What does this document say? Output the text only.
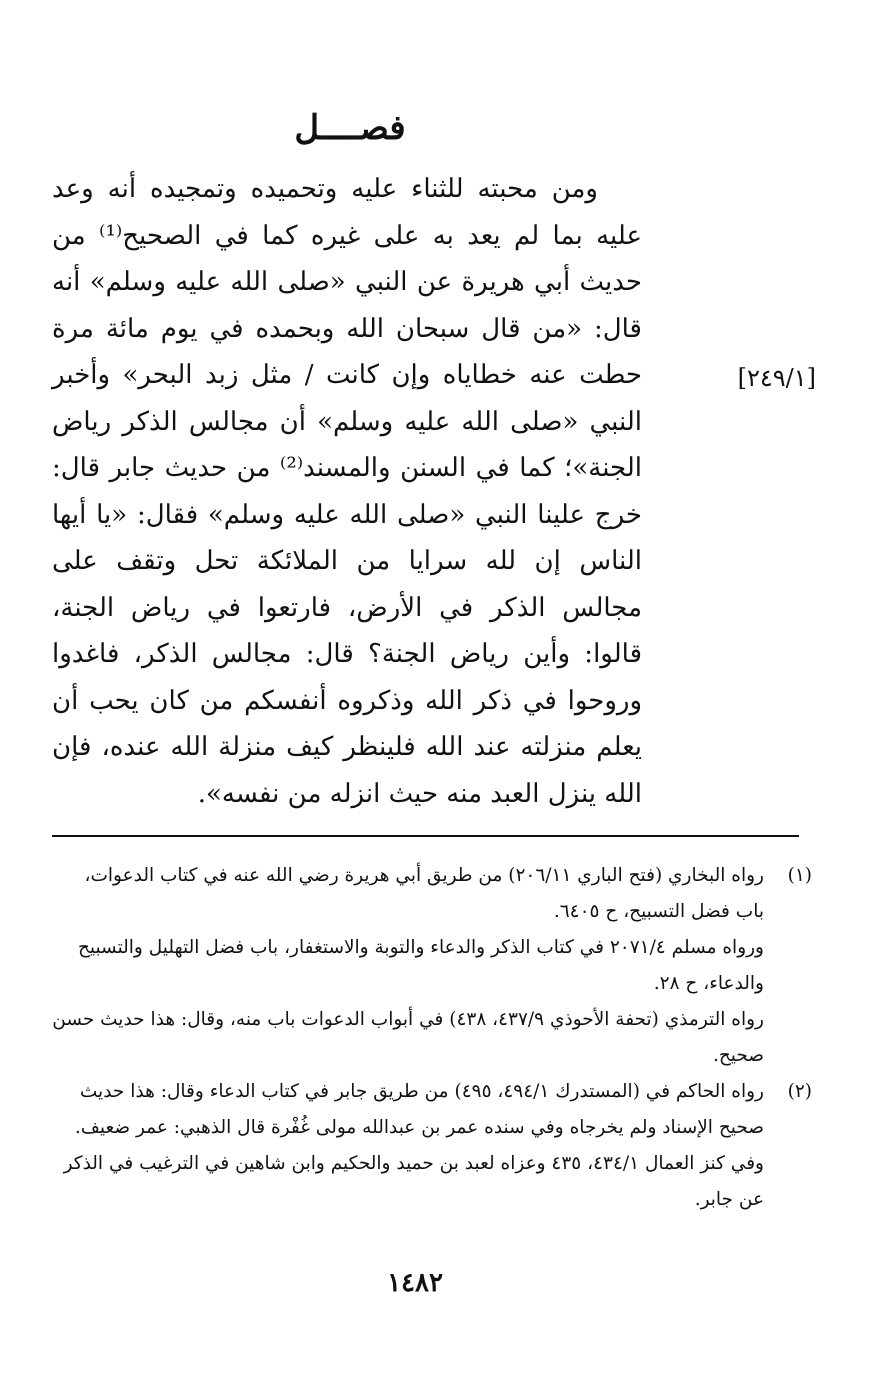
فصــــل

ومن محبته للثناء عليه وتحميده وتمجيده أنه وعد عليه بما لم يعد به على غيره كما في الصحيح⁽¹⁾ من حديث أبي هريرة عن النبي «صلى الله عليه وسلم» أنه قال: «من قال سبحان الله وبحمده في يوم مائة مرة حطت عنه خطاياه وإن كانت / مثل زبد البحر» وأخبر النبي «صلى الله عليه وسلم» أن مجالس الذكر رياض الجنة»؛ كما في السنن والمسند⁽²⁾ من حديث جابر قال: خرج علينا النبي «صلى الله عليه وسلم» فقال: «يا أيها الناس إن لله سرايا من الملائكة تحل وتقف على مجالس الذكر في الأرض، فارتعوا في رياض الجنة، قالوا: وأين رياض الجنة؟ قال: مجالس الذكر، فاغدوا وروحوا في ذكر الله وذكروه أنفسكم من كان يحب أن يعلم منزلته عند الله فلينظر كيف منزلة الله عنده، فإن الله ينزل العبد منه حيث انزله من نفسه».

[٢٤٩/١]
(١)
رواه البخاري (فتح الباري ٢٠٦/١١) من طريق أبي هريرة رضي الله عنه في كتاب الدعوات، باب فضل التسبيح، ح ٦٤٠٥.
ورواه مسلم ٢٠٧١/٤ في كتاب الذكر والدعاء والتوبة والاستغفار، باب فضل التهليل والتسبيح والدعاء، ح ٢٨.
رواه الترمذي (تحفة الأحوذي ٤٣٧/٩، ٤٣٨) في أبواب الدعوات باب منه، وقال: هذا حديث حسن صحيح.
(٢)
رواه الحاكم في (المستدرك ٤٩٤/١، ٤٩٥) من طريق جابر في كتاب الدعاء وقال: هذا حديث صحيح الإسناد ولم يخرجاه وفي سنده عمر بن عبدالله مولى غُفْرة قال الذهبي: عمر ضعيف. وفي كنز العمال ٤٣٤/١، ٤٣٥ وعزاه لعبد بن حميد والحكيم وابن شاهين في الترغيب في الذكر عن جابر.
١٤٨٢
